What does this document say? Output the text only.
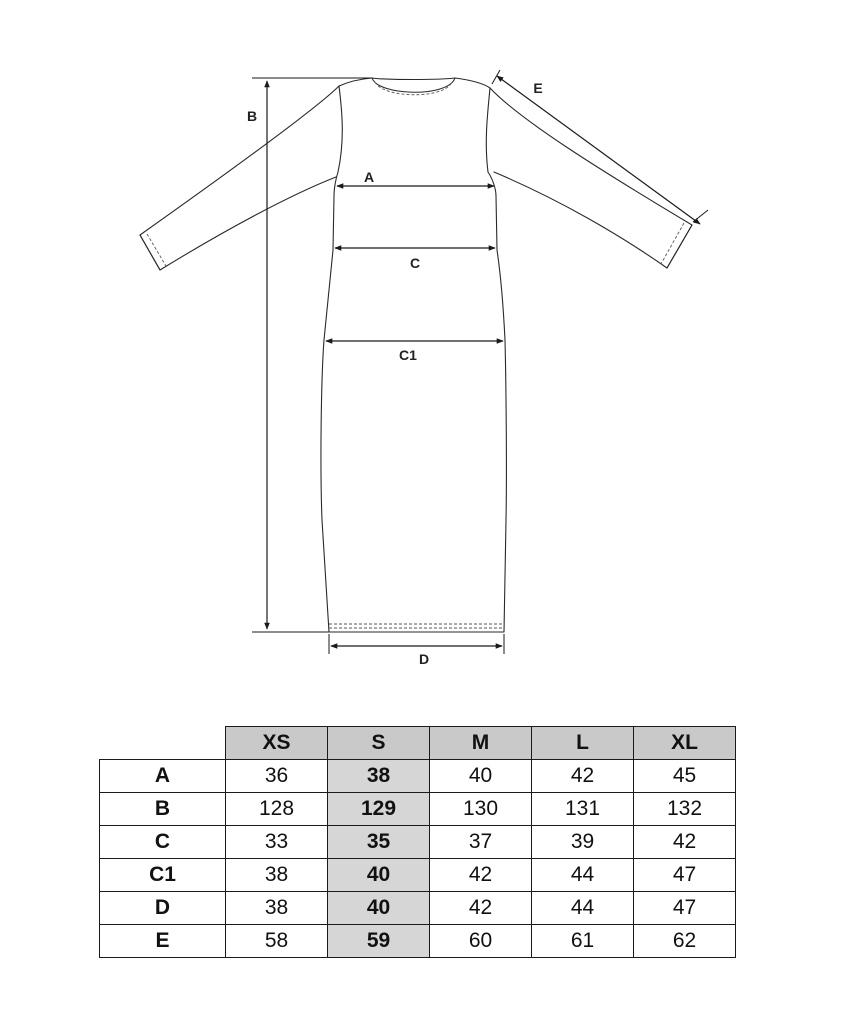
B
A
C
C1
D
E
	XS	S	M	L	XL
A	36	38	40	42	45
B	128	129	130	131	132
C	33	35	37	39	42
C1	38	40	42	44	47
D	38	40	42	44	47
E	58	59	60	61	62
